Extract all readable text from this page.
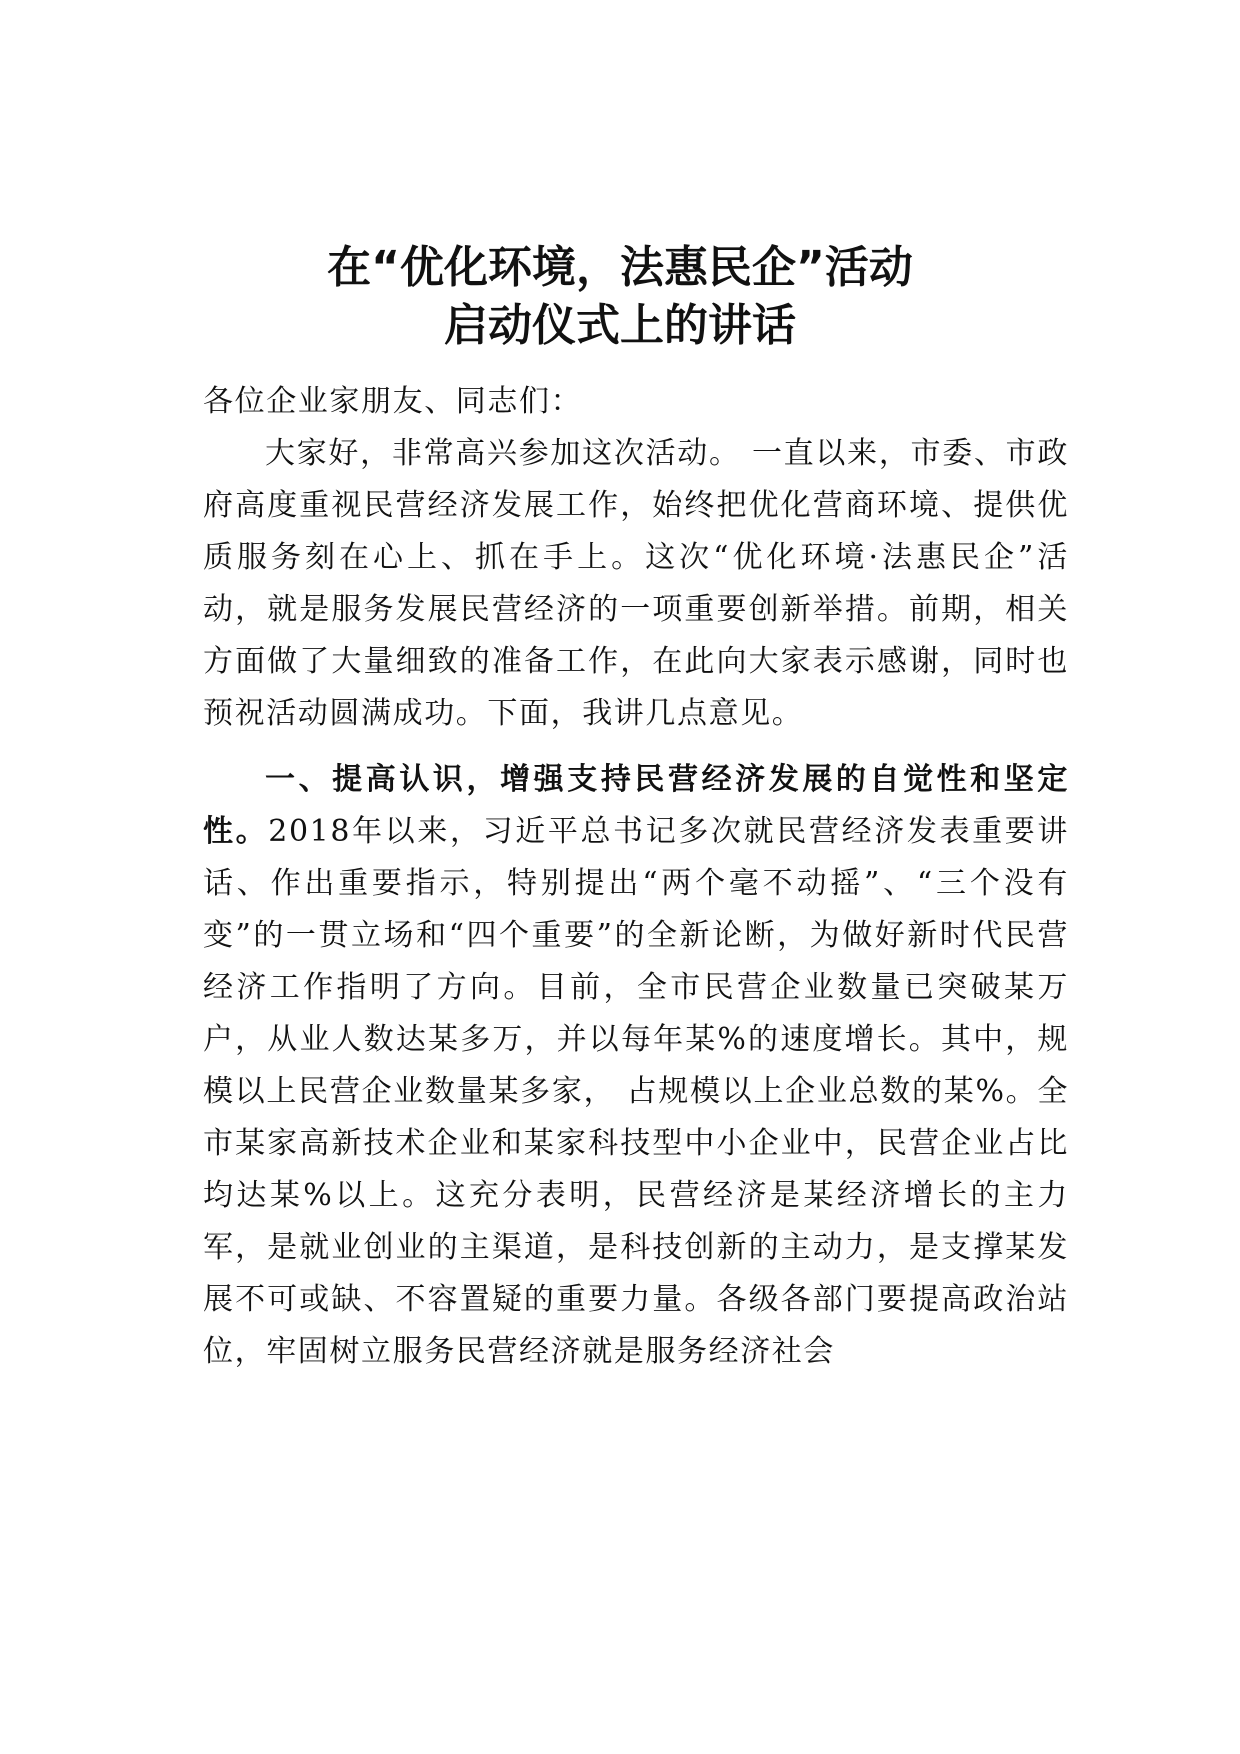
在“优化环境，法惠民企”活动
启动仪式上的讲话

各位企业家朋友、同志们：

大家好，非常高兴参加这次活动。 一直以来，市委、市政府高度重视民营经济发展工作，始终把优化营商环境、提供优质服务刻在心上、抓在手上。这次“优化环境·法惠民企”活动，就是服务发展民营经济的一项重要创新举措。前期，相关方面做了大量细致的准备工作，在此向大家表示感谢，同时也预祝活动圆满成功。下面，我讲几点意见。

一、提高认识，增强支持民营经济发展的自觉性和坚定性。2018年以来，习近平总书记多次就民营经济发表重要讲话、作出重要指示，特别提出“两个毫不动摇”、“三个没有变”的一贯立场和“四个重要”的全新论断，为做好新时代民营经济工作指明了方向。目前，全市民营企业数量已突破某万户，从业人数达某多万，并以每年某%的速度增长。其中，规模以上民营企业数量某多家， 占规模以上企业总数的某%。全市某家高新技术企业和某家科技型中小企业中，民营企业占比均达某%以上。这充分表明，民营经济是某经济增长的主力军，是就业创业的主渠道，是科技创新的主动力，是支撑某发展不可或缺、不容置疑的重要力量。各级各部门要提高政治站位，牢固树立服务民营经济就是服务经济社会
